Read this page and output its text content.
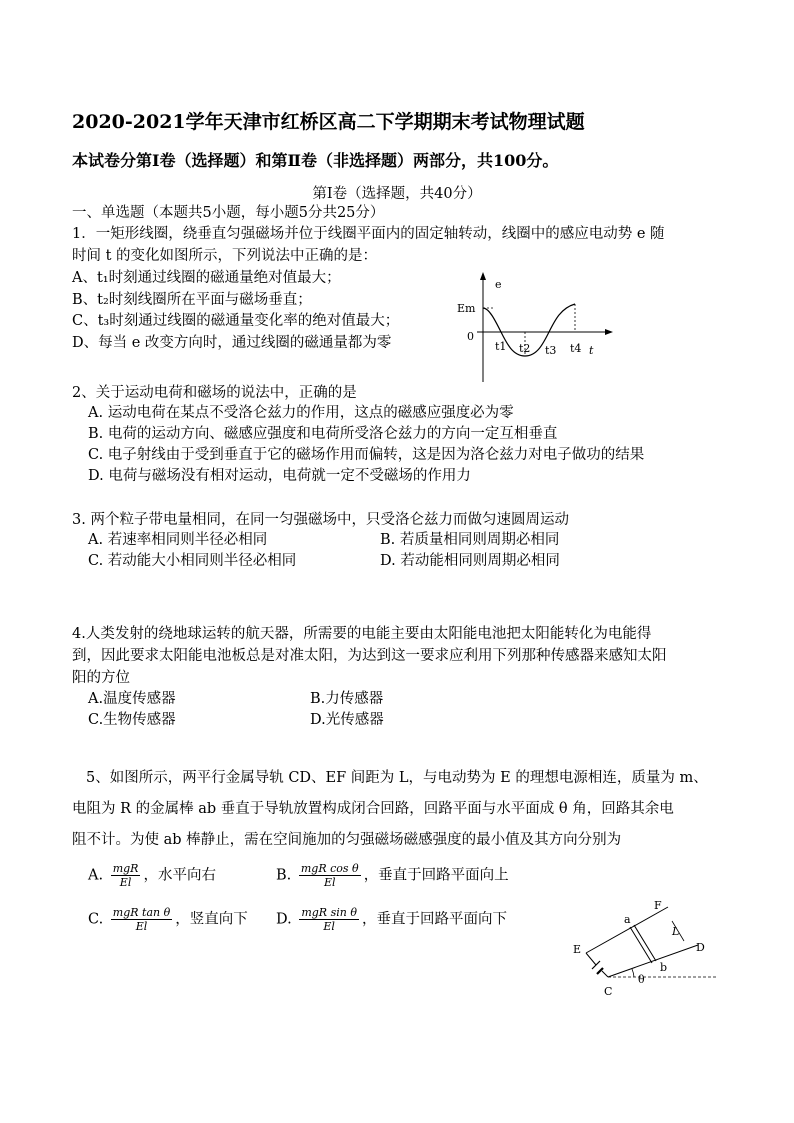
2020-2021学年天津市红桥区高二下学期期末考试物理试题
本试卷分第Ⅰ卷（选择题）和第Ⅱ卷（非选择题）两部分，共100分。
第Ⅰ卷（选择题，共40分）
一、单选题（本题共5小题，每小题5分共25分）
1．一矩形线圈，绕垂直匀强磁场并位于线圈平面内的固定轴转动，线圈中的感应电动势 e 随
时间 t 的变化如图所示，下列说法中正确的是：
A、t₁时刻通过线圈的磁通量绝对值最大；
B、t₂时刻线圈所在平面与磁场垂直；
C、t₃时刻通过线圈的磁通量变化率的绝对值最大；
D、每当 e 改变方向时，通过线圈的磁通量都为零
e
Em
0
t1 t2 t3 t4 t
2、关于运动电荷和磁场的说法中，正确的是
A. 运动电荷在某点不受洛仑兹力的作用，这点的磁感应强度必为零
B. 电荷的运动方向、磁感应强度和电荷所受洛仑兹力的方向一定互相垂直
C. 电子射线由于受到垂直于它的磁场作用而偏转，这是因为洛仑兹力对电子做功的结果
D. 电荷与磁场没有相对运动，电荷就一定不受磁场的作用力
3. 两个粒子带电量相同，在同一匀强磁场中，只受洛仑兹力而做匀速圆周运动
A. 若速率相同则半径必相同	B. 若质量相同则周期必相同
C. 若动能大小相同则半径必相同	D. 若动能相同则周期必相同
4.人类发射的绕地球运转的航天器，所需要的电能主要由太阳能电池把太阳能转化为电能得
到，因此要求太阳能电池板总是对准太阳，为达到这一要求应利用下列那种传感器来感知太阳
阳的方位
A.温度传感器	B.力传感器
C.生物传感器	D.光传感器
5、如图所示，两平行金属导轨 CD、EF 间距为 L，与电动势为 E 的理想电源相连，质量为 m、
电阻为 R 的金属棒 ab 垂直于导轨放置构成闭合回路，回路平面与水平面成 θ 角，回路其余电
阻不计。为使 ab 棒静止，需在空间施加的匀强磁场磁感强度的最小值及其方向分别为
A. $\frac{\text{mgR}}{El}$ ，水平向右	B. $\frac{\text{mgR cos θ}}{El}$ ，垂直于回路平面向上
C. $\frac{\text{mgR tan θ}}{El}$ ，竖直向下 D. $\frac{\text{mgR sin θ}}{El}$ ，垂直于回路平面向下
F
a
L
E	D
b
C
θ
